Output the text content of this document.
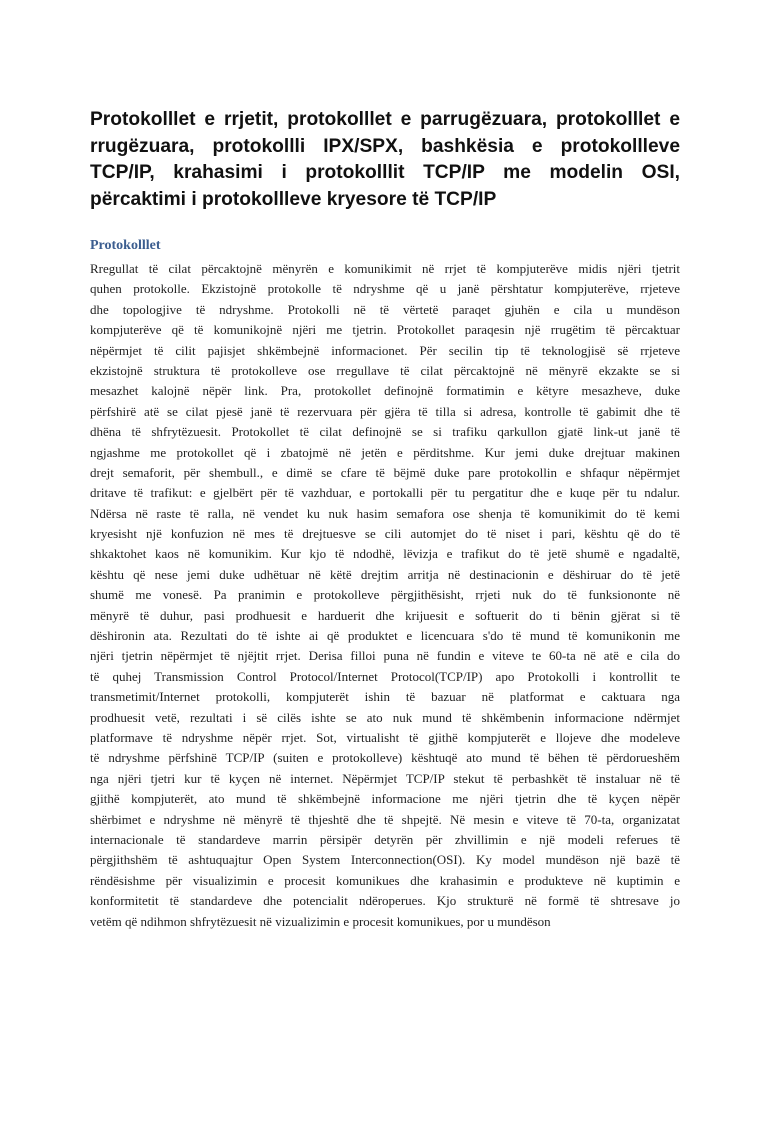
Protokolllet e rrjetit, protokolllet e parrugëzuara, protokolllet e rrugëzuara, protokollli IPX/SPX, bashkësia e protokollleve TCP/IP, krahasimi i protokolllit TCP/IP me modelin OSI, përcaktimi i protokollleve kryesore të TCP/IP
Protokolllet
Rregullat të cilat përcaktojnë mënyrën e komunikimit në rrjet të kompjuterëve midis njëri tjetrit
quhen protokolle. Ekzistojnë protokolle të ndryshme që u janë përshtatur kompjuterëve, rrjeteve
dhe topologjive të ndryshme. Protokolli në të vërtetë paraqet gjuhën e cila u mundëson
kompjuterëve që të komunikojnë njëri me tjetrin. Protokollet paraqesin një rrugëtim të përcaktuar
nëpërmjet të cilit pajisjet shkëmbejnë informacionet. Për secilin tip të teknologjisë së rrjeteve
ekzistojnë struktura të protokolleve ose rregullave të cilat përcaktojnë në mënyrë ekzakte se si
mesazhet kalojnë nëpër link. Pra, protokollet definojnë formatimin e këtyre mesazheve, duke
përfshirë atë se cilat pjesë janë të rezervuara për gjëra të tilla si adresa, kontrolle të gabimit dhe të
dhëna të shfrytëzuesit. Protokollet të cilat definojnë se si trafiku qarkullon gjatë link-ut janë të
ngjashme me protokollet që i zbatojmë në jetën e përditshme. Kur jemi duke drejtuar makinen
drejt semaforit, për shembull., e dimë se cfare të bëjmë duke pare protokollin e shfaqur nëpërmjet
dritave të trafikut: e gjelbërt për të vazhduar, e portokalli për tu pergatitur dhe e kuqe për tu ndalur.
Ndërsa në raste të ralla, në vendet ku nuk hasim semafora ose shenja të komunikimit do të kemi
kryesisht një konfuzion në mes të drejtuesve se cili automjet do të niset i pari, kështu që do të
shkaktohet kaos në komunikim. Kur kjo të ndodhë, lëvizja e trafikut do të jetë shumë e ngadaltë,
kështu që nese jemi duke udhëtuar në këtë drejtim arritja në destinacionin e dëshiruar do të jetë
shumë me vonesë. Pa pranimin e protokolleve përgjithësisht, rrjeti nuk do të funksiononte në
mënyrë të duhur, pasi prodhuesit e harduerit dhe krijuesit e softuerit do ti bënin gjërat si të
dëshironin ata. Rezultati do të ishte ai që produktet e licencuara s'do të mund të komunikonin me
njëri tjetrin nëpërmjet të njëjtit rrjet. Derisa filloi puna në fundin e viteve te 60-ta në atë e cila do
të quhej Transmission Control Protocol/Internet Protocol(TCP/IP) apo Protokolli i kontrollit te
transmetimit/Internet protokolli, kompjuterët ishin të bazuar në platformat e caktuara nga
prodhuesit vetë, rezultati i së cilës ishte se ato nuk mund të shkëmbenin informacione ndërmjet
platformave të ndryshme nëpër rrjet. Sot, virtualisht të gjithë kompjuterët e llojeve dhe modeleve
të ndryshme përfshinë TCP/IP (suiten e protokolleve) kështuqë ato mund të bëhen të përdorueshëm
nga njëri tjetri kur të kyçen në internet. Nëpërmjet TCP/IP stekut të perbashkët të instaluar në të
gjithë kompjuterët, ato mund të shkëmbejnë informacione me njëri tjetrin dhe të kyçen nëpër
shërbimet e ndryshme në mënyrë të thjeshtë dhe të shpejtë. Në mesin e viteve të 70-ta, organizatat
internacionale të standardeve marrin përsipër detyrën për zhvillimin e një modeli referues të
përgjithshëm të ashtuquajtur Open System Interconnection(OSI). Ky model mundëson një bazë të
rëndësishme për visualizimin e procesit komunikues dhe krahasimin e produkteve në kuptimin e
konformitetit të standardeve dhe potencialit ndëroperues. Kjo strukturë në formë të shtresave jo
vetëm që ndihmon shfrytëzuesit në vizualizimin e procesit komunikues, por u mundëson
